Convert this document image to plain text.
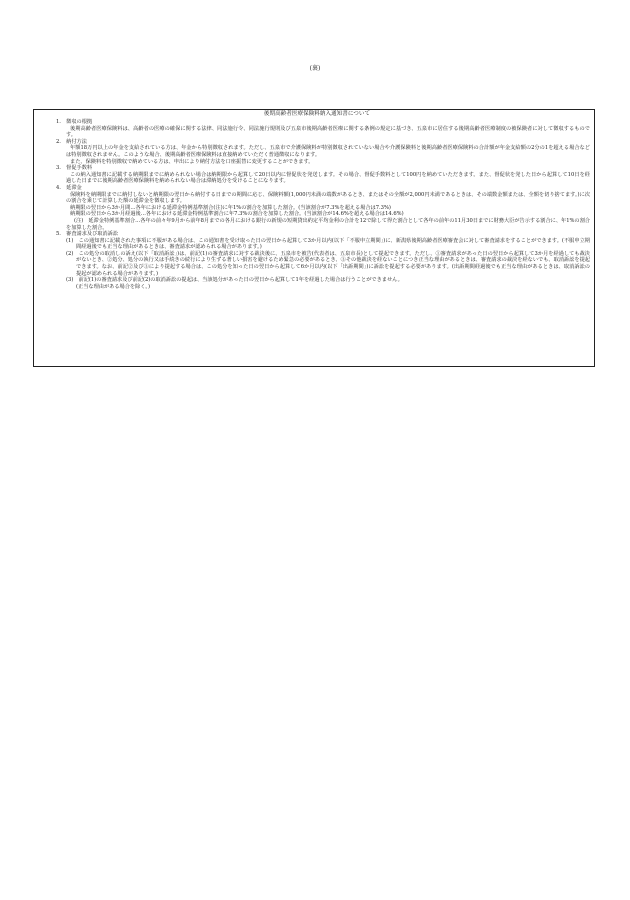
(裏)
後期高齢者医療保険料納入通知書について
1.　徴収の根拠
後期高齢者医療保険料は、高齢者の医療の確保に関する法律、同法施行令、同法施行規則及び五泉市後期高齢者医療に関する条例の規定に基づき、五泉市に居住する後期高齢者医療制度の被保険者に対して徴収するものです。
2.　納付方法
年額18万円以上の年金を支給されている方は、年金から特別徴収されます。ただし、五泉市で介護保険料が特別徴収されていない場合や介護保険料と後期高齢者医療保険料の合計額が年金支給額の2分の1を超える場合などは特別徴収されません。このような場合、後期高齢者医療保険料は直接納めていただく普通徴収になります。
また、保険料を特別徴収で納めている方は、申出により納付方法を口座振替に変更することができます。
3.　督促手数料
この納入通知書に記載する納期限までに納められない場合は納期限から起算して20日以内に督促状を発送します。その場合、督促手数料として100円を納めていただきます。また、督促状を発した日から起算して10日を経過した日までに後期高齢者医療保険料を納められない場合は滞納処分を受けることになります。
4.　延滞金
保険料を納期限までに納付しないと納期限の翌日から納付する日までの期間に応じ、保険料額(1,000円未満の端数があるとき、またはその全額が2,000円未満であるときは、その端数金額または、全額を切り捨てます。)に次の割合を乗じて計算した額の延滞金を徴収します。
納期限の翌日から3か月間…各年における延滞金特例基準割合(注)に年1%の割合を加算した割合。(当該割合が7.3%を超える場合は7.3%)
納期限の翌日から3か月経過後…各年における延滞金特例基準割合に年7.3%の割合を加算した割合。(当該割合が14.6%を超える場合は14.6%)
(注)　延滞金特例基準割合…各年の前々年9月から前年8月までの各月における銀行の新規の短期貸出約定平均金利の合計を12で除して得た割合として各年の前年の11月30日までに財務大臣が告示する割合に、年1%の割合を加算した割合。
5.　審査請求及び取消訴訟
(1)　この通知書に記載された事項に不服がある場合は、この通知書を受け取った日の翌日から起算して3か月以内(以下「不服申立期間」)に、新潟県後期高齢者医療審査会に対して審査請求をすることができます。(不服申立期間経過後でも正当な理由があるときは、審査請求が認められる場合があります。)
(2)　この処分の取消しの訴え(以下「取消訴訟」)は、前記(1)の審査請求に対する裁決後に、五泉市を被告(代表者は、五泉市長)として提起できます。ただし、①審査請求があった日の翌日から起算して3か月を経過しても裁決がないとき、②処分、処分の執行又は手続きの続行により生ずる著しい損害を避けるため緊急の必要があるとき、③その他裁決を経ないことにつき正当な理由があるときは、審査請求の裁決を経ないでも、取消訴訟を提起できます。なお、前記②及び③により提起する場合は、この処分を知った日の翌日から起算して6か月以内(以下「出訴期間」)に訴訟を提起する必要があります。(出訴期間経過後でも正当な理由があるときは、取消訴訟の提起が認められる場合があります。)
(3)　前記(1)の審査請求及び前記(2)の取消訴訟の提起は、当該処分があった日の翌日から起算して1年を経過した場合は行うことができません。
(正当な理由がある場合を除く。)
